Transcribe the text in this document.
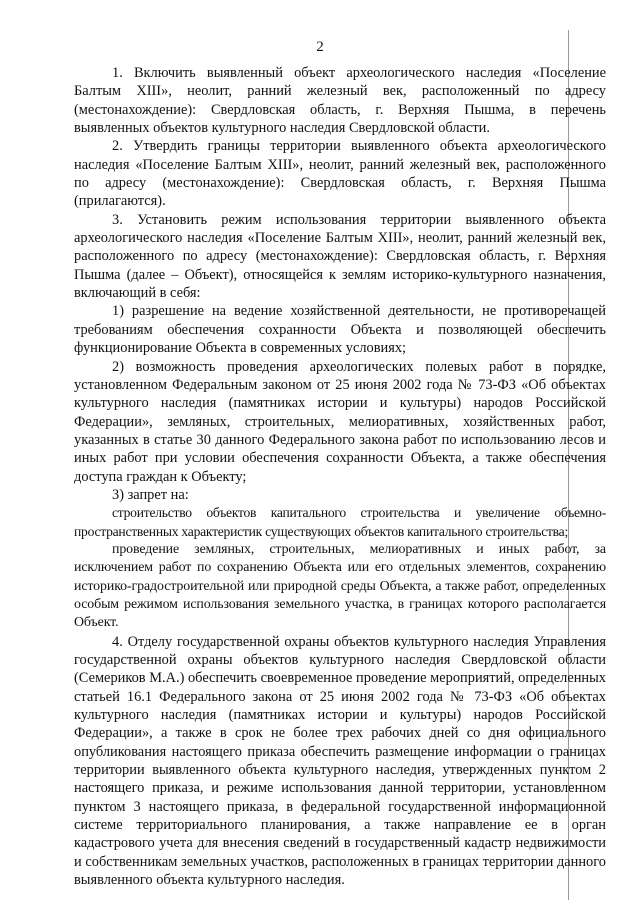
2

1. Включить выявленный объект археологического наследия «Поселение Балтым XIII», неолит, ранний железный век, расположенный по адресу (местонахождение): Свердловская область, г. Верхняя Пышма, в перечень выявленных объектов культурного наследия Свердловской области.

2. Утвердить границы территории выявленного объекта археологического наследия «Поселение Балтым XIII», неолит, ранний железный век, расположенного по адресу (местонахождение): Свердловская область, г. Верхняя Пышма (прилагаются).

3. Установить режим использования территории выявленного объекта археологического наследия «Поселение Балтым XIII», неолит, ранний железный век, расположенного по адресу (местонахождение): Свердловская область, г. Верхняя Пышма (далее – Объект), относящейся к землям историко-культурного назначения, включающий в себя:

1) разрешение на ведение хозяйственной деятельности, не противоречащей требованиям обеспечения сохранности Объекта и позволяющей обеспечить функционирование Объекта в современных условиях;

2) возможность проведения археологических полевых работ в порядке, установленном Федеральным законом от 25 июня 2002 года № 73-ФЗ «Об объектах культурного наследия (памятниках истории и культуры) народов Российской Федерации», земляных, строительных, мелиоративных, хозяйственных работ, указанных в статье 30 данного Федерального закона работ по использованию лесов и иных работ при условии обеспечения сохранности Объекта, а также обеспечения доступа граждан к Объекту;

3) запрет на:

строительство объектов капитального строительства и увеличение объемно-пространственных характеристик существующих объектов капитального строительства;

проведение земляных, строительных, мелиоративных и иных работ, за исключением работ по сохранению Объекта или его отдельных элементов, сохранению историко-градостроительной или природной среды Объекта, а также работ, определенных особым режимом использования земельного участка, в границах которого располагается Объект.

4. Отделу государственной охраны объектов культурного наследия Управления государственной охраны объектов культурного наследия Свердловской области (Семериков М.А.) обеспечить своевременное проведение мероприятий, определенных статьей 16.1 Федерального закона от 25 июня 2002 года № 73-ФЗ «Об объектах культурного наследия (памятниках истории и культуры) народов Российской Федерации», а также в срок не более трех рабочих дней со дня официального опубликования настоящего приказа обеспечить размещение информации о границах территории выявленного объекта культурного наследия, утвержденных пунктом 2 настоящего приказа, и режиме использования данной территории, установленном пунктом 3 настоящего приказа, в федеральной государственной информационной системе территориального планирования, а также направление ее в орган кадастрового учета для внесения сведений в государственный кадастр недвижимости и собственникам земельных участков, расположенных в границах территории данного выявленного объекта культурного наследия.
